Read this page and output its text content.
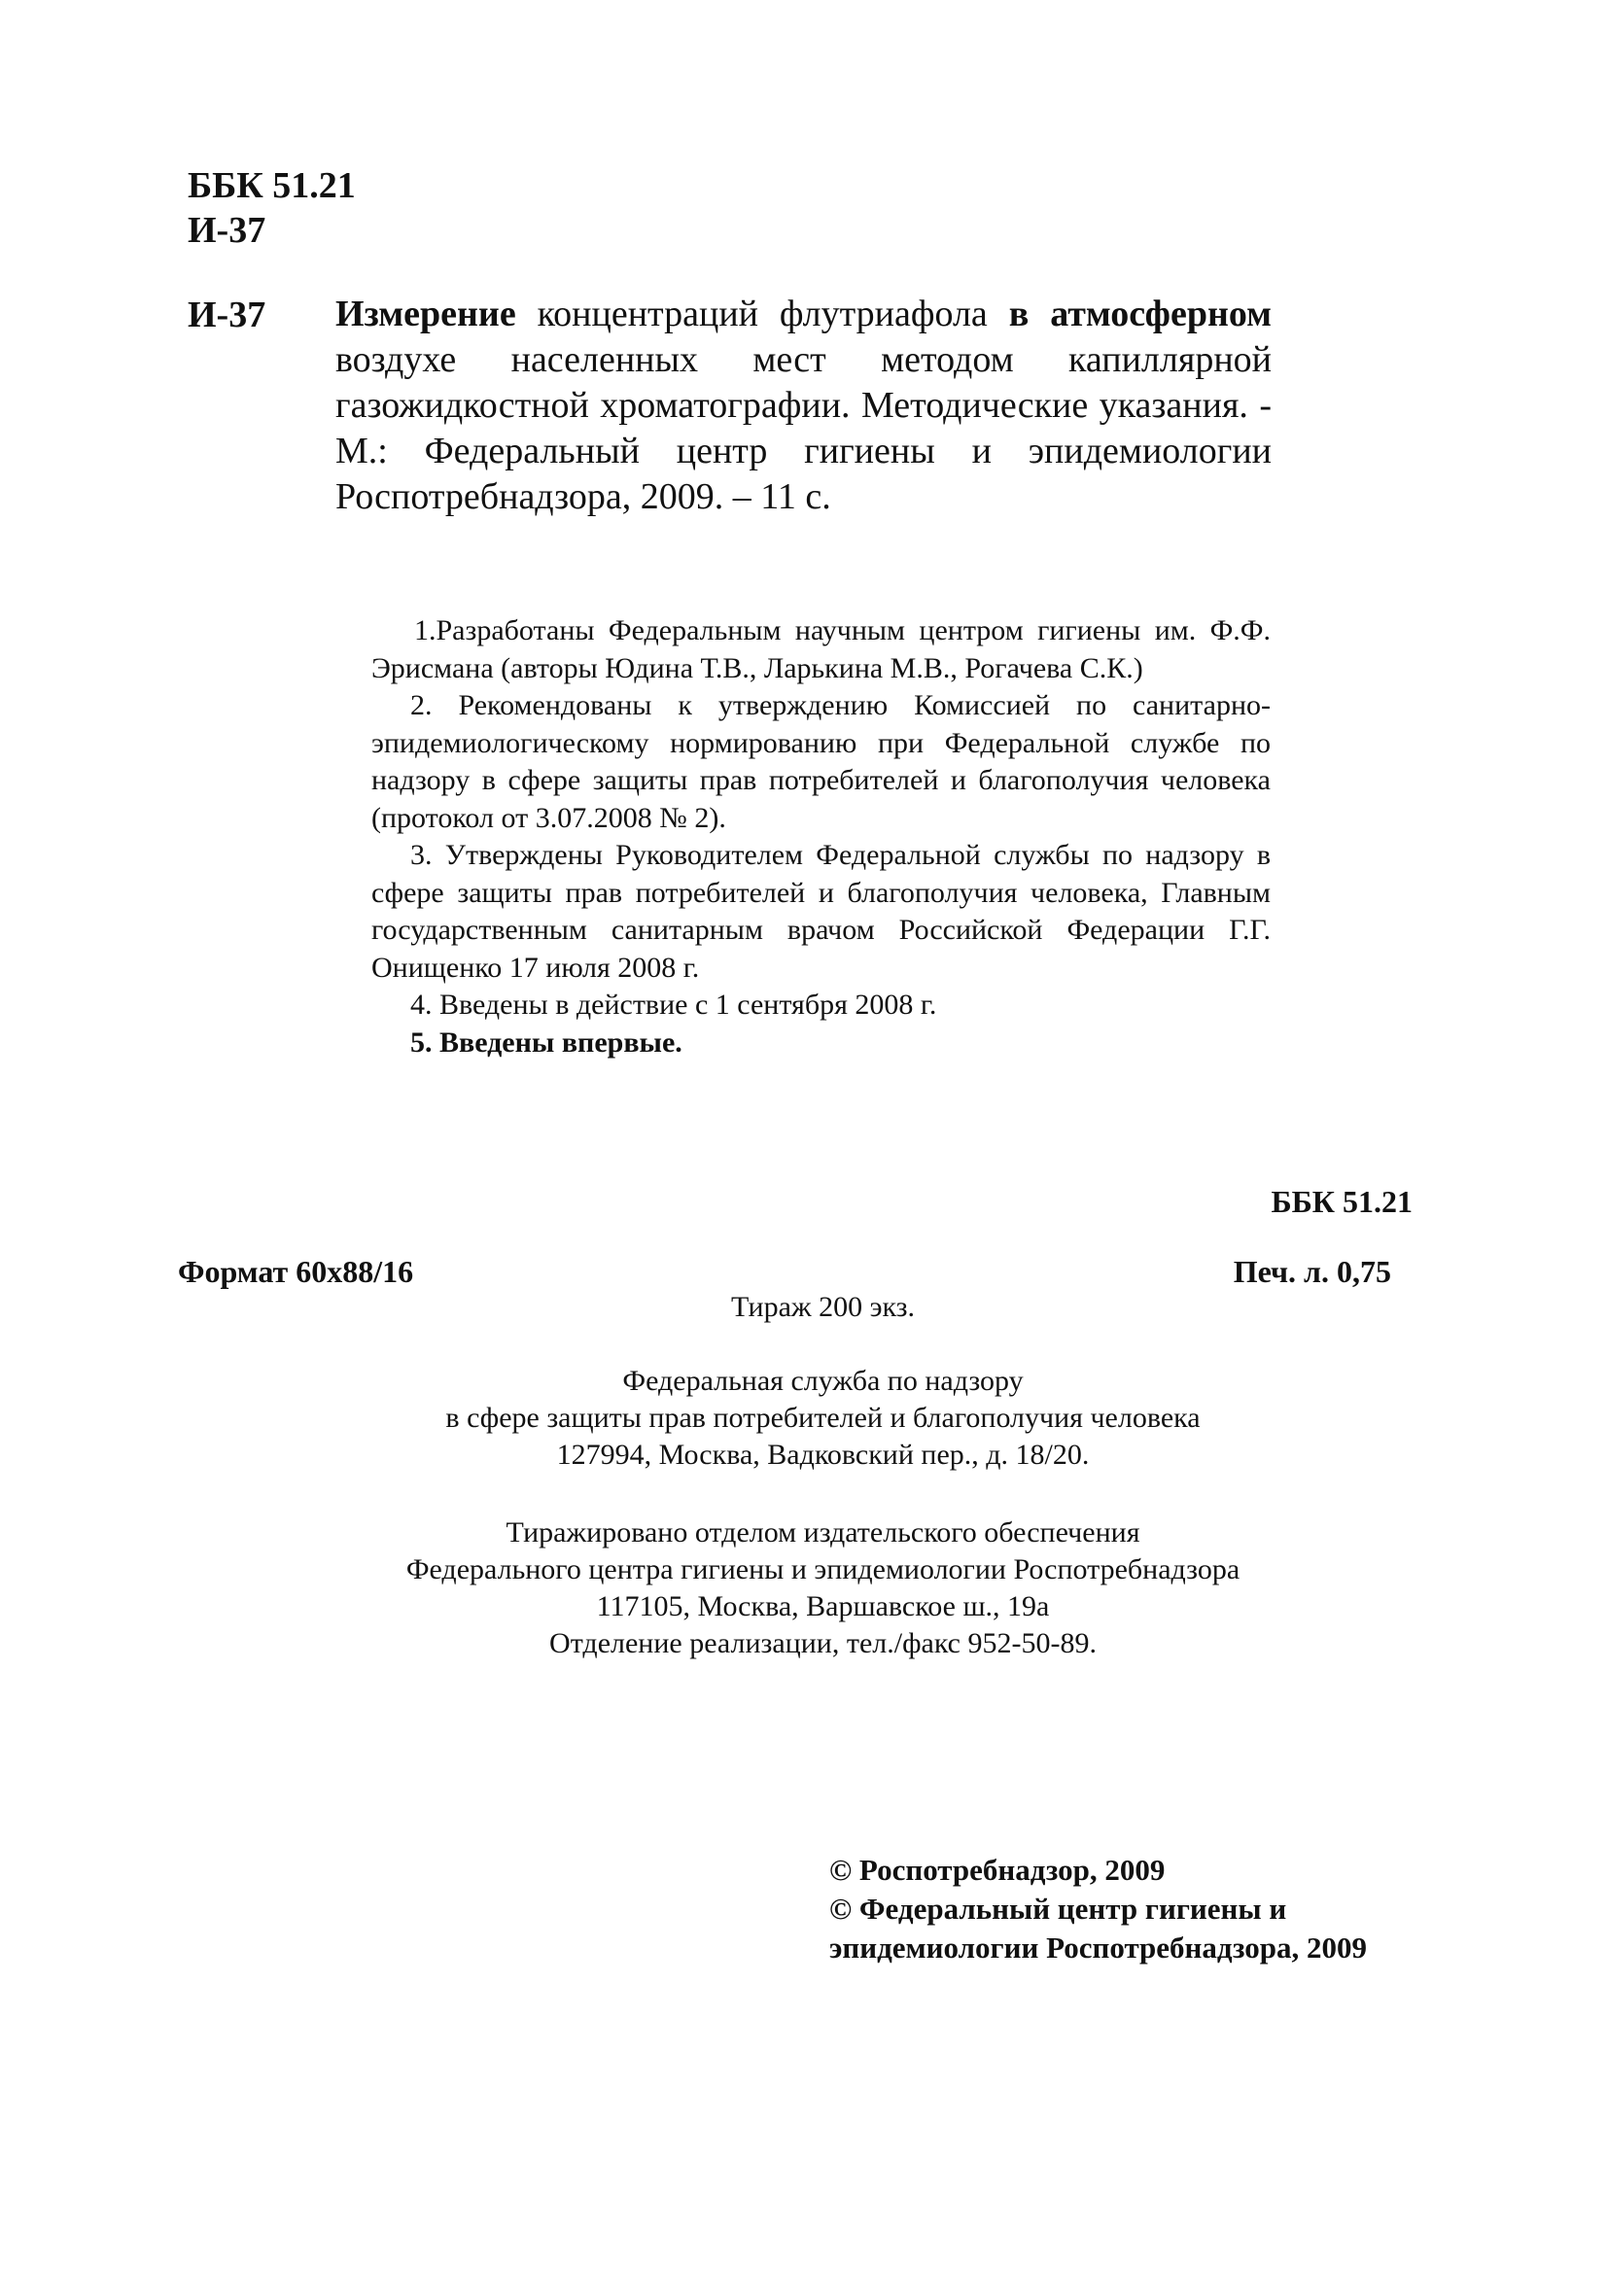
ББК 51.21
И-37
И-37 Измерение концентраций флутриафола в атмосферном воздухе населенных мест методом капиллярной газожидкостной хроматографии. Методические указания. - М.: Федеральный центр гигиены и эпидемиологии Роспотребнадзора, 2009. – 11 с.

1.Разработаны Федеральным научным центром гигиены им. Ф.Ф. Эрисмана (авторы Юдина Т.В., Ларькина М.В., Рогачева С.К.)

2. Рекомендованы к утверждению Комиссией по санитарно-эпидемиологическому нормированию при Федеральной службе по надзору в сфере защиты прав потребителей и благополучия человека (протокол от 3.07.2008 № 2).

3. Утверждены Руководителем Федеральной службы по надзору в сфере защиты прав потребителей и благополучия человека, Главным государственным санитарным врачом Российской Федерации Г.Г. Онищенко 17 июля 2008 г.

4. Введены в действие с 1 сентября 2008 г.

5. Введены впервые.

ББК 51.21
Формат 60x88/16	Печ. л. 0,75
Тираж 200 экз.
Федеральная служба по надзору
в сфере защиты прав потребителей и благополучия человека
127994, Москва, Вадковский пер., д. 18/20.
Тиражировано отделом издательского обеспечения
Федерального центра гигиены и эпидемиологии Роспотребнадзора
117105, Москва, Варшавское ш., 19а
Отделение реализации, тел./факс 952-50-89.
© Роспотребнадзор, 2009
© Федеральный центр гигиены и
эпидемиологии Роспотребнадзора, 2009
